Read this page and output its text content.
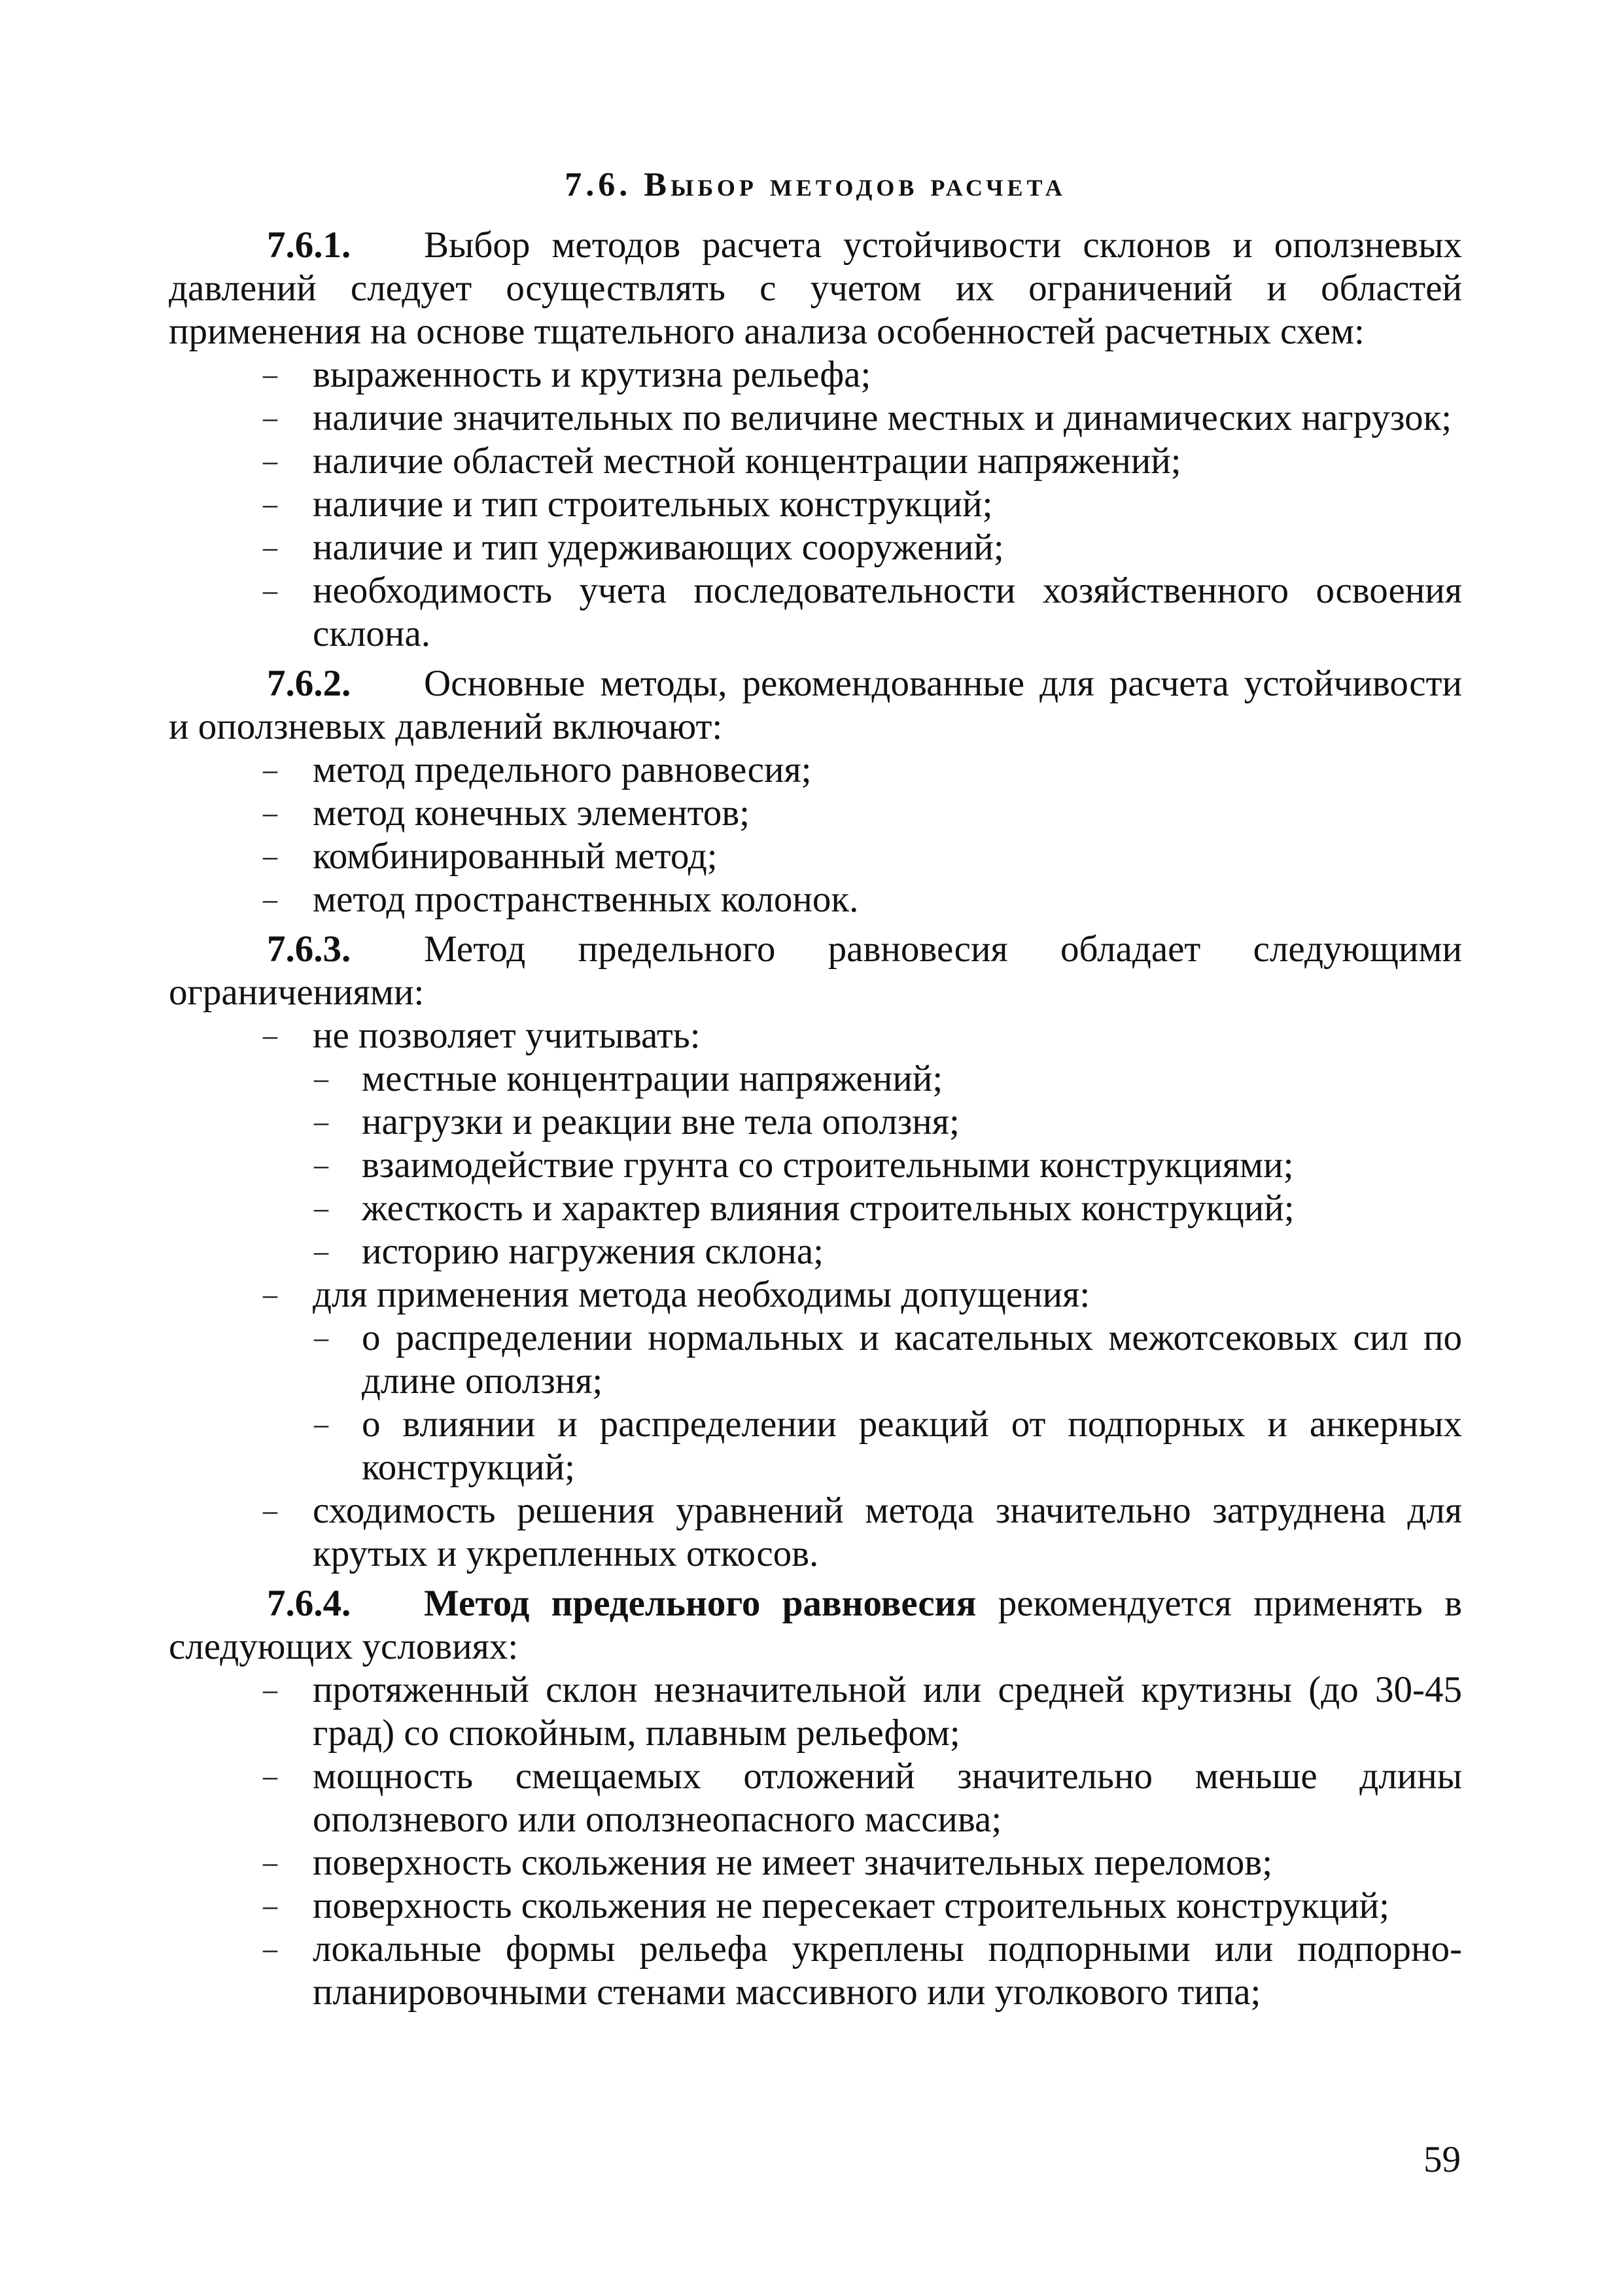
7.6. Выбор методов расчета

7.6.1. Выбор методов расчета устойчивости склонов и оползневых давлений следует осуществлять с учетом их ограничений и областей применения на основе тщательного анализа особенностей расчетных схем:

– выраженность и крутизна рельефа;
– наличие значительных по величине местных и динамических нагрузок;
– наличие областей местной концентрации напряжений;
– наличие и тип строительных конструкций;
– наличие и тип удерживающих сооружений;
– необходимость учета последовательности хозяйственного освоения склона.

7.6.2. Основные методы, рекомендованные для расчета устойчивости и оползневых давлений включают:

– метод предельного равновесия;
– метод конечных элементов;
– комбинированный метод;
– метод пространственных колонок.

7.6.3. Метод предельного равновесия обладает следующими ограничениями:

– не позволяет учитывать:
– местные концентрации напряжений;
– нагрузки и реакции вне тела оползня;
– взаимодействие грунта со строительными конструкциями;
– жесткость и характер влияния строительных конструкций;
– историю нагружения склона;
– для применения метода необходимы допущения:
– о распределении нормальных и касательных межотсековых сил по длине оползня;
– о влиянии и распределении реакций от подпорных и анкерных конструкций;
– сходимость решения уравнений метода значительно затруднена для крутых и укрепленных откосов.

7.6.4. Метод предельного равновесия рекомендуется применять в следующих условиях:

– протяженный склон незначительной или средней крутизны (до 30-45 град) со спокойным, плавным рельефом;
– мощность смещаемых отложений значительно меньше длины оползневого или оползнеопасного массива;
– поверхность скольжения не имеет значительных переломов;
– поверхность скольжения не пересекает строительных конструкций;
– локальные формы рельефа укреплены подпорными или подпорно-планировочными стенами массивного или уголкового типа;
59
